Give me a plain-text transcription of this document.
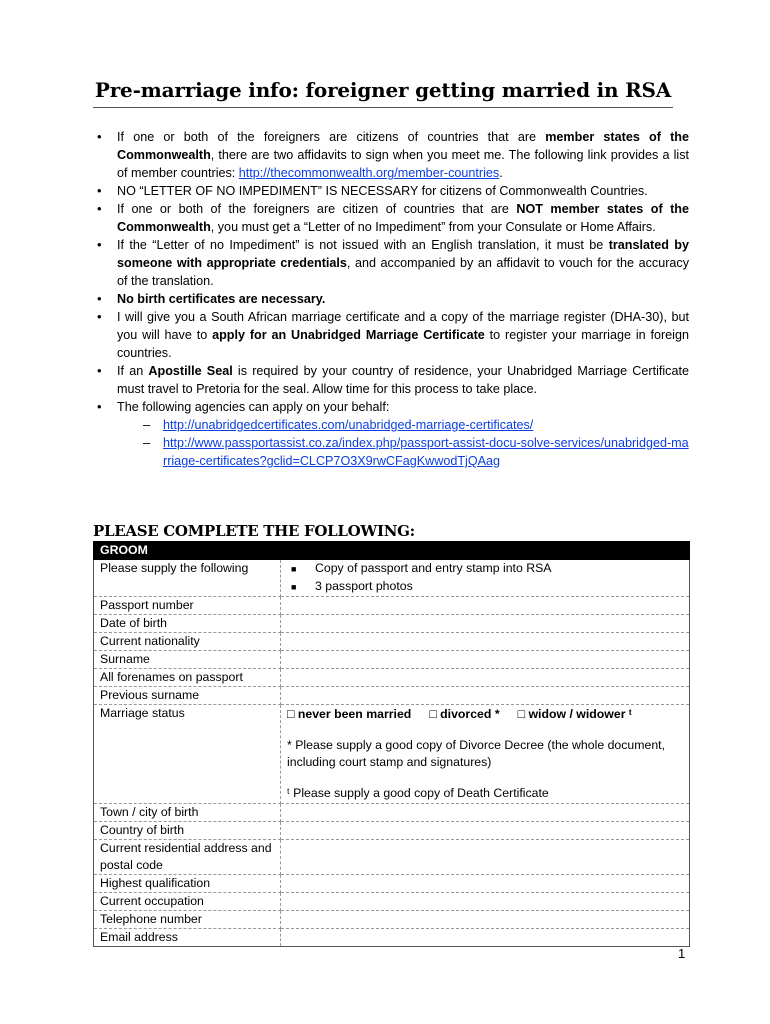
Pre-marriage info: foreigner getting married in RSA
• If one or both of the foreigners are citizens of countries that are member states of the Commonwealth, there are two affidavits to sign when you meet me. The following link provides a list of member countries: http://thecommonwealth.org/member-countries.
• NO “LETTER OF NO IMPEDIMENT” IS NECESSARY for citizens of Commonwealth Countries.
• If one or both of the foreigners are citizen of countries that are NOT member states of the Commonwealth, you must get a “Letter of no Impediment” from your Consulate or Home Affairs.
• If the “Letter of no Impediment” is not issued with an English translation, it must be translated by someone with appropriate credentials, and accompanied by an affidavit to vouch for the accuracy of the translation.
• No birth certificates are necessary.
• I will give you a South African marriage certificate and a copy of the marriage register (DHA-30), but you will have to apply for an Unabridged Marriage Certificate to register your marriage in foreign countries.
• If an Apostille Seal is required by your country of residence, your Unabridged Marriage Certificate must travel to Pretoria for the seal. Allow time for this process to take place.
• The following agencies can apply on your behalf:
– http://unabridgedcertificates.com/unabridged-marriage-certificates/
– http://www.passportassist.co.za/index.php/passport-assist-docu-solve-services/unabridged-marriage-certificates?gclid=CLCP7O3X9rwCFagKwwodTjQAag
PLEASE COMPLETE THE FOLLOWING:
GROOM	
Please supply the following	■ Copy of passport and entry stamp into RSA
■ 3 passport photos

Passport number	
Date of birth	
Current nationality	
Surname	
All forenames on passport	
Previous surname	
Marriage status	□ never been married □ divorced * □ widow / widower ᵗ
* Please supply a good copy of Divorce Decree (the whole document, including court stamp and signatures)
ᵗ Please supply a good copy of Death Certificate

Town / city of birth	
Country of birth	
Current residential address and postal code	
Highest qualification	
Current occupation	
Telephone number	
Email address	
1
